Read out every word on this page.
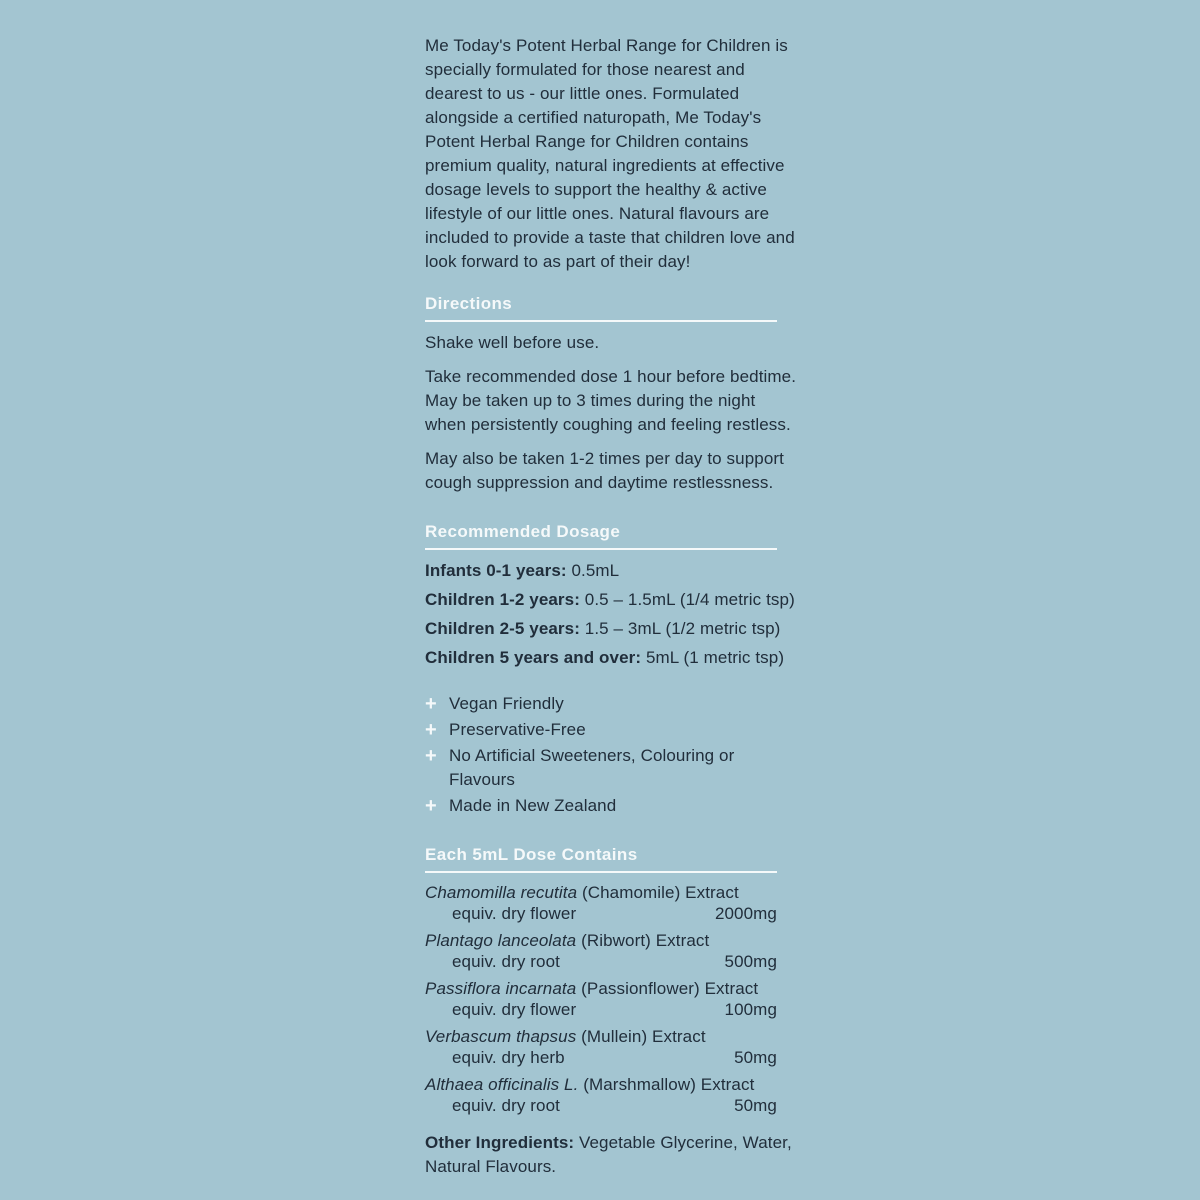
Me Today's Potent Herbal Range for Children is specially formulated for those nearest and dearest to us - our little ones. Formulated alongside a certified naturopath, Me Today's Potent Herbal Range for Children contains premium quality, natural ingredients at effective dosage levels to support the healthy & active lifestyle of our little ones. Natural flavours are included to provide a taste that children love and look forward to as part of their day!

Directions

Shake well before use.

Take recommended dose 1 hour before bedtime. May be taken up to 3 times during the night when persistently coughing and feeling restless.

May also be taken 1-2 times per day to support cough suppression and daytime restlessness.

Recommended Dosage

Infants 0-1 years: 0.5mL

Children 1-2 years: 0.5 – 1.5mL (1/4 metric tsp)

Children 2-5 years: 1.5 – 3mL (1/2 metric tsp)

Children 5 years and over: 5mL (1 metric tsp)

+ Vegan Friendly
+ Preservative-Free
+ No Artificial Sweeteners, Colouring or Flavours
+ Made in New Zealand
Each 5mL Dose Contains
Chamomilla recutita (Chamomile) Extract
equiv. dry flower	2000mg
Plantago lanceolata (Ribwort) Extract
equiv. dry root	500mg
Passiflora incarnata (Passionflower) Extract
equiv. dry flower	100mg
Verbascum thapsus (Mullein) Extract
equiv. dry herb	50mg
Althaea officinalis L. (Marshmallow) Extract
equiv. dry root	50mg

Other Ingredients: Vegetable Glycerine, Water, Natural Flavours.
